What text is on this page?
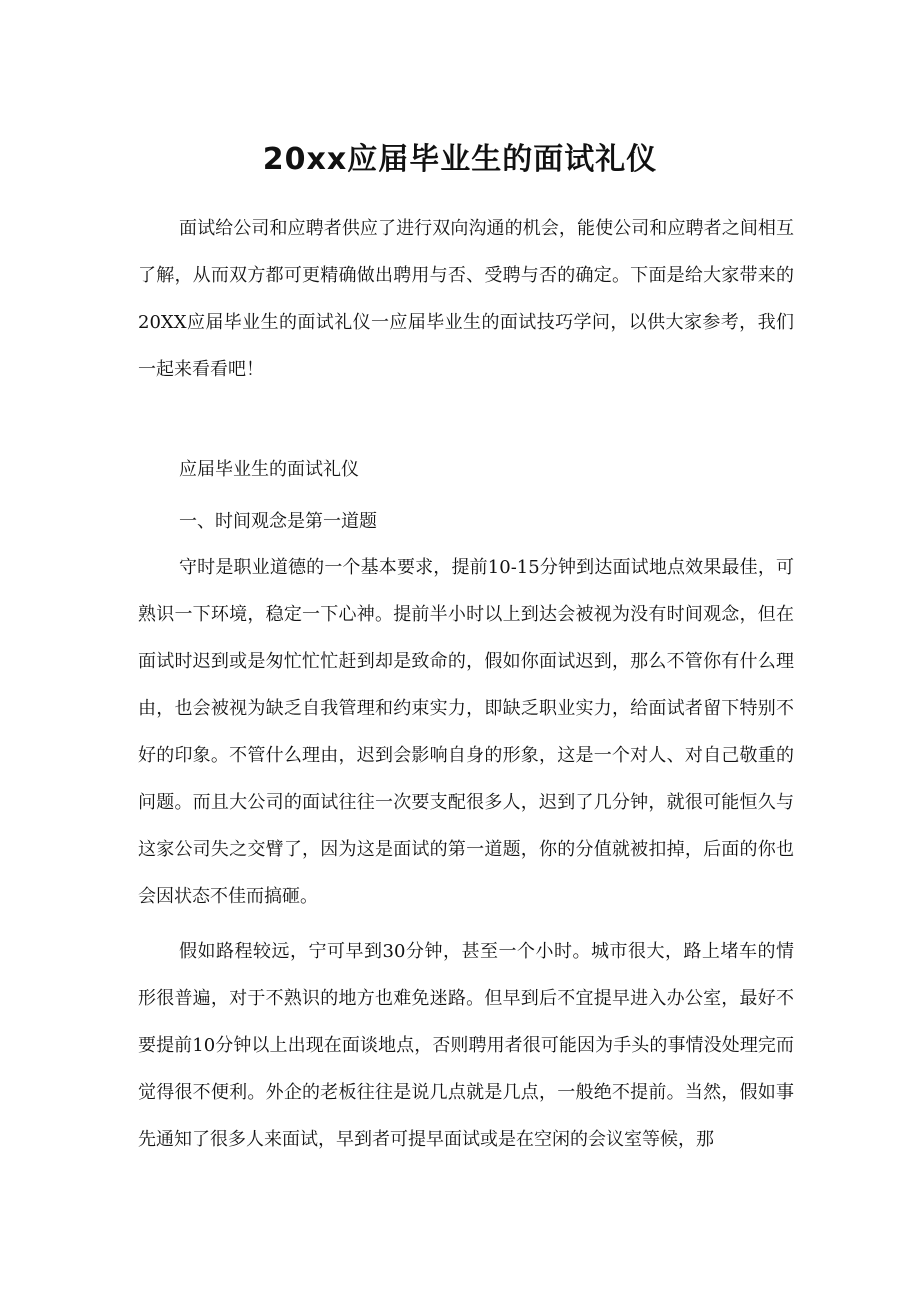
20xx应届毕业生的面试礼仪

面试给公司和应聘者供应了进行双向沟通的机会，能使公司和应聘者之间相互了解，从而双方都可更精确做出聘用与否、受聘与否的确定。下面是给大家带来的20XX应届毕业生的面试礼仪一应届毕业生的面试技巧学问，以供大家参考，我们一起来看看吧！

应届毕业生的面试礼仪

一、时间观念是第一道题

守时是职业道德的一个基本要求，提前10-15分钟到达面试地点效果最佳，可熟识一下环境，稳定一下心神。提前半小时以上到达会被视为没有时间观念，但在面试时迟到或是匆忙忙忙赶到却是致命的，假如你面试迟到，那么不管你有什么理由，也会被视为缺乏自我管理和约束实力，即缺乏职业实力，给面试者留下特别不好的印象。不管什么理由，迟到会影响自身的形象，这是一个对人、对自己敬重的问题。而且大公司的面试往往一次要支配很多人，迟到了几分钟，就很可能恒久与这家公司失之交臂了，因为这是面试的第一道题，你的分值就被扣掉，后面的你也会因状态不佳而搞砸。

假如路程较远，宁可早到30分钟，甚至一个小时。城市很大，路上堵车的情形很普遍，对于不熟识的地方也难免迷路。但早到后不宜提早进入办公室，最好不要提前10分钟以上出现在面谈地点，否则聘用者很可能因为手头的事情没处理完而觉得很不便利。外企的老板往往是说几点就是几点，一般绝不提前。当然，假如事先通知了很多人来面试，早到者可提早面试或是在空闲的会议室等候，那
